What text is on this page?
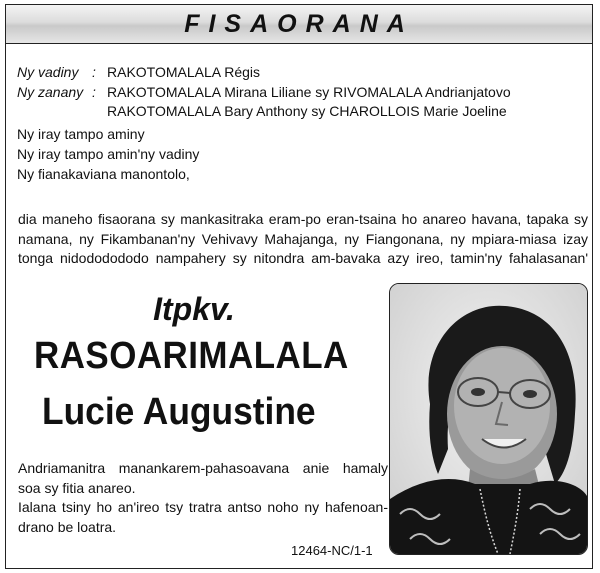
FISAORANA
Ny vadiny : RAKOTOMALALA Régis
Ny zanany : RAKOTOMALALA Mirana Liliane sy RIVOMALALA Andrianjatovo
RAKOTOMALALA Bary Anthony sy CHAROLLOIS Marie Joeline
Ny iray tampo aminy
Ny iray tampo amin'ny vadiny
Ny fianakaviana manontolo,
dia maneho fisaorana sy mankasitraka eram-po eran-tsaina ho anareo havana, tapaka sy
namana, ny Fikambanan'ny Vehivavy Mahajanga, ny Fiangonana, ny mpiara-miasa izay
tonga nidododododo nampahery sy nitondra am-bavaka azy ireo, tamin'ny fahalasanan'
Itpkv.
RASOARIMALALA
Lucie Augustine
Andriamanitra manankarem-pahasoavana anie hamaly
soa sy fitia anareo.
Ialana tsiny ho an'ireo tsy tratra antso noho ny hafenoan-
drano be loatra.
12464-NC/1-1
